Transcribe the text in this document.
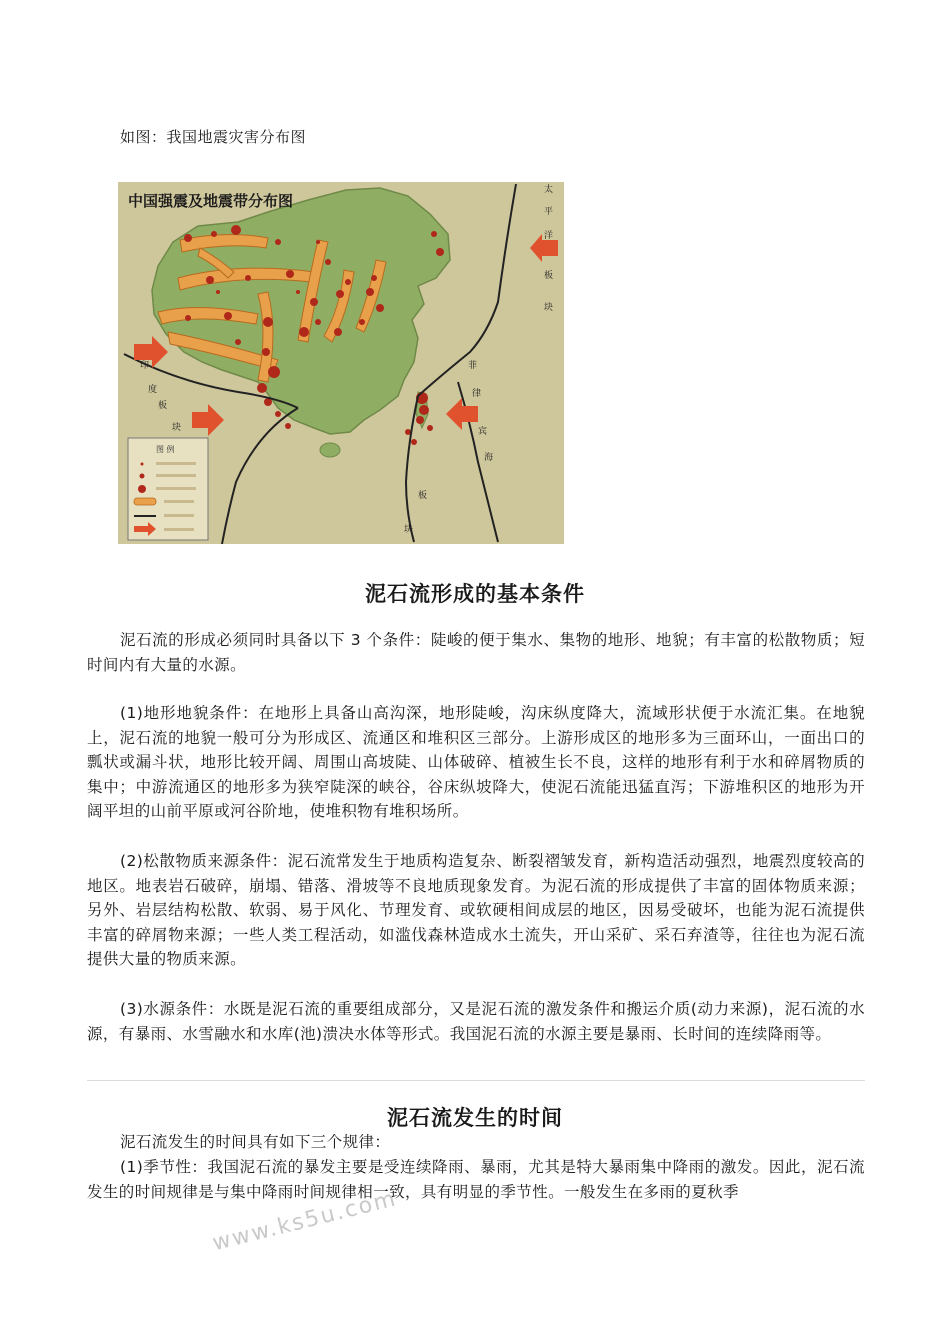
如图：我国地震灾害分布图
太
平
洋
板
块
印
度
板
块
菲
律
宾
海
板
块
中国强震及地震带分布图
图 例
泥石流形成的基本条件

泥石流的形成必须同时具备以下 3 个条件：陡峻的便于集水、集物的地形、地貌；有丰富的松散物质；短时间内有大量的水源。

(1)地形地貌条件：在地形上具备山高沟深，地形陡峻，沟床纵度降大，流域形状便于水流汇集。在地貌上，泥石流的地貌一般可分为形成区、流通区和堆积区三部分。上游形成区的地形多为三面环山，一面出口的瓢状或漏斗状，地形比较开阔、周围山高坡陡、山体破碎、植被生长不良，这样的地形有利于水和碎屑物质的集中；中游流通区的地形多为狭窄陡深的峡谷，谷床纵坡降大，使泥石流能迅猛直泻；下游堆积区的地形为开阔平坦的山前平原或河谷阶地，使堆积物有堆积场所。

(2)松散物质来源条件：泥石流常发生于地质构造复杂、断裂褶皱发育，新构造活动强烈，地震烈度较高的地区。地表岩石破碎，崩塌、错落、滑坡等不良地质现象发育。为泥石流的形成提供了丰富的固体物质来源；另外、岩层结构松散、软弱、易于风化、节理发育、或软硬相间成层的地区，因易受破坏，也能为泥石流提供丰富的碎屑物来源；一些人类工程活动，如滥伐森林造成水土流失，开山采矿、采石弃渣等，往往也为泥石流提供大量的物质来源。

(3)水源条件：水既是泥石流的重要组成部分，又是泥石流的激发条件和搬运介质(动力来源)，泥石流的水源，有暴雨、水雪融水和水库(池)溃决水体等形式。我国泥石流的水源主要是暴雨、长时间的连续降雨等。

泥石流发生的时间

泥石流发生的时间具有如下三个规律：

(1)季节性：我国泥石流的暴发主要是受连续降雨、暴雨，尤其是特大暴雨集中降雨的激发。因此，泥石流发生的时间规律是与集中降雨时间规律相一致，具有明显的季节性。一般发生在多雨的夏秋季

www.ks5u.com
